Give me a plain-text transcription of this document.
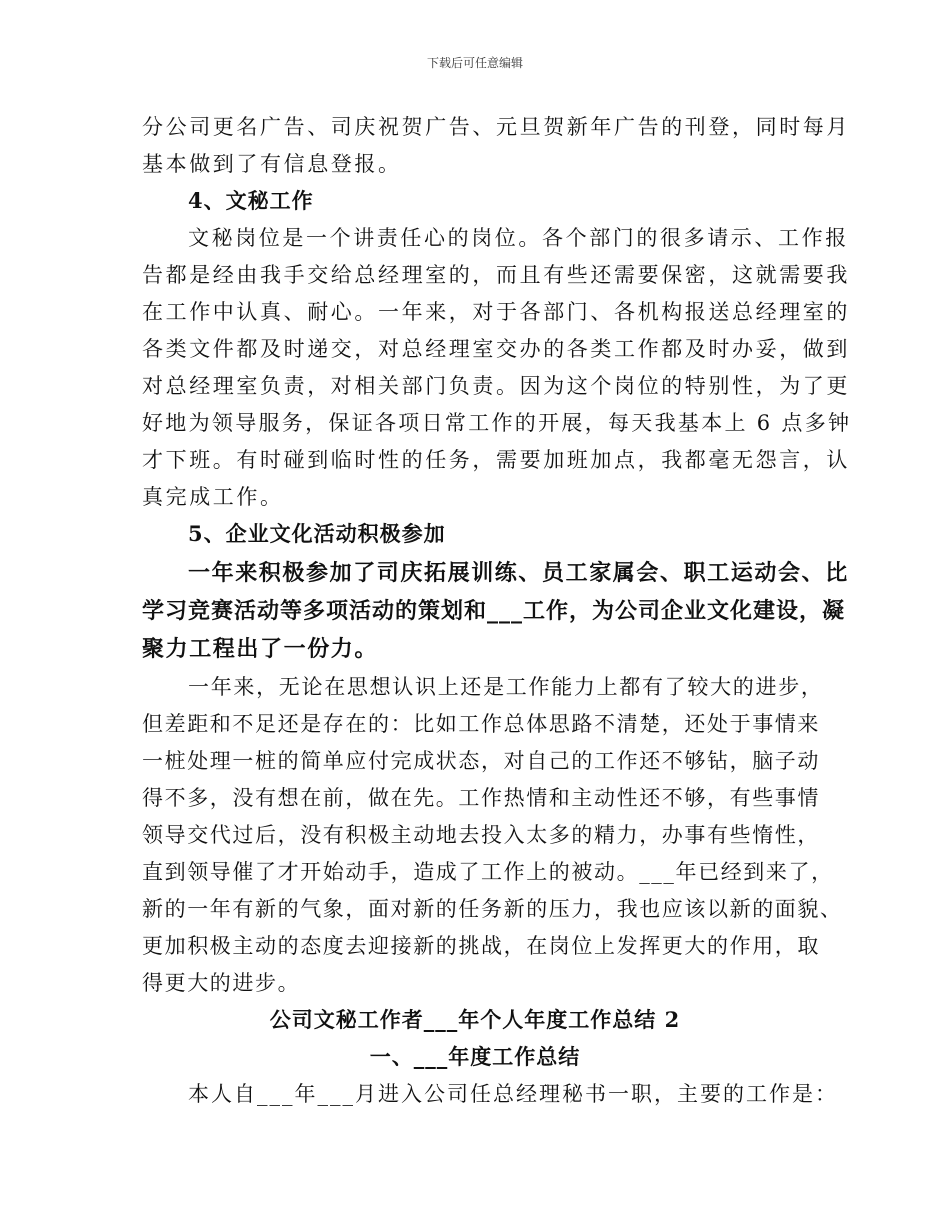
下载后可任意编辑
分公司更名广告、司庆祝贺广告、元旦贺新年广告的刊登，同时每月
基本做到了有信息登报。
4、文秘工作
文秘岗位是一个讲责任心的岗位。各个部门的很多请示、工作报
告都是经由我手交给总经理室的，而且有些还需要保密，这就需要我
在工作中认真、耐心。一年来，对于各部门、各机构报送总经理室的
各类文件都及时递交，对总经理室交办的各类工作都及时办妥，做到
对总经理室负责，对相关部门负责。因为这个岗位的特别性，为了更
好地为领导服务，保证各项日常工作的开展，每天我基本上 6 点多钟
才下班。有时碰到临时性的任务，需要加班加点，我都毫无怨言，认
真完成工作。
5、企业文化活动积极参加
一年来积极参加了司庆拓展训练、员工家属会、职工运动会、比
学习竞赛活动等多项活动的策划和___工作，为公司企业文化建设，凝
聚力工程出了一份力。
一年来，无论在思想认识上还是工作能力上都有了较大的进步，
但差距和不足还是存在的：比如工作总体思路不清楚，还处于事情来
一桩处理一桩的简单应付完成状态，对自己的工作还不够钻，脑子动
得不多，没有想在前，做在先。工作热情和主动性还不够，有些事情
领导交代过后，没有积极主动地去投入太多的精力，办事有些惰性，
直到领导催了才开始动手，造成了工作上的被动。___年已经到来了，
新的一年有新的气象，面对新的任务新的压力，我也应该以新的面貌、
更加积极主动的态度去迎接新的挑战，在岗位上发挥更大的作用，取
得更大的进步。
公司文秘工作者___年个人年度工作总结 2
一、___年度工作总结
本人自___年___月进入公司任总经理秘书一职，主要的工作是：
